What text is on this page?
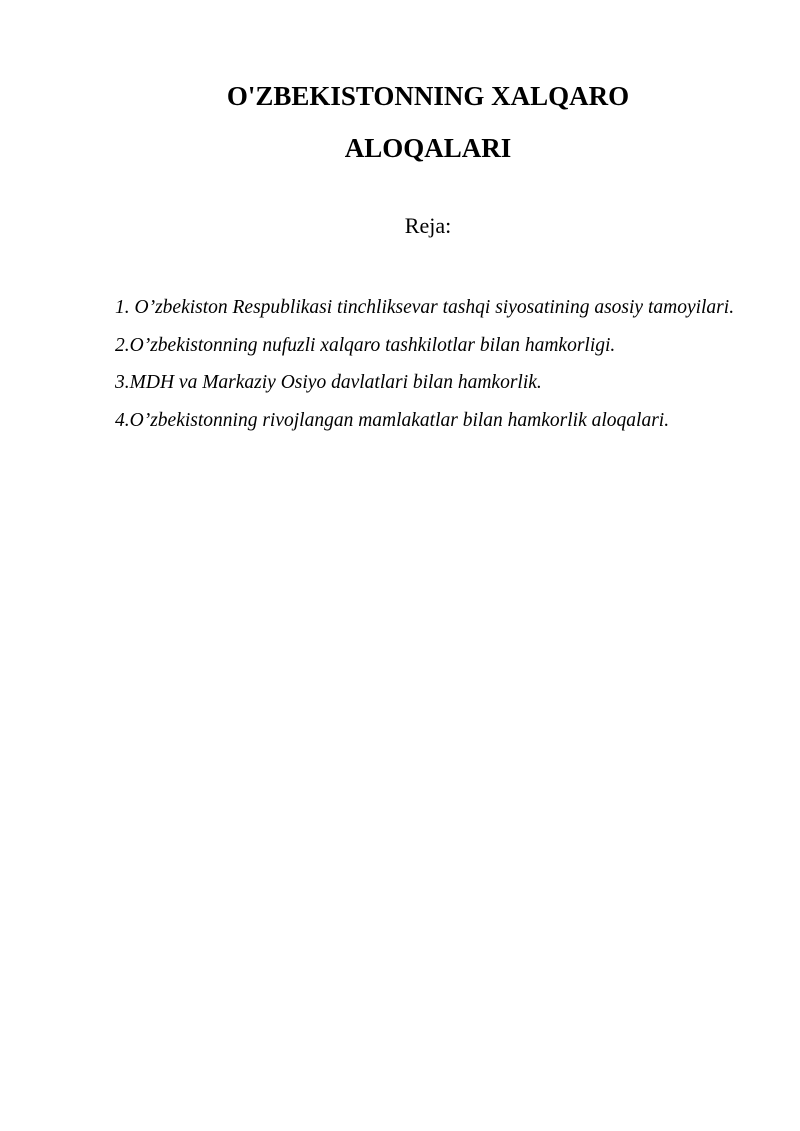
O'ZBEKISTONNING XALQARO
ALOQALARI

Reja:

1. O’zbekiston Respublikasi tinchliksevar tashqi siyosatining asosiy tamoyilari.
2.O’zbekistonning nufuzli xalqaro tashkilotlar bilan hamkorligi.
3.MDH va Markaziy Osiyo davlatlari bilan hamkorlik.
4.O’zbekistonning rivojlangan mamlakatlar bilan hamkorlik aloqalari.
